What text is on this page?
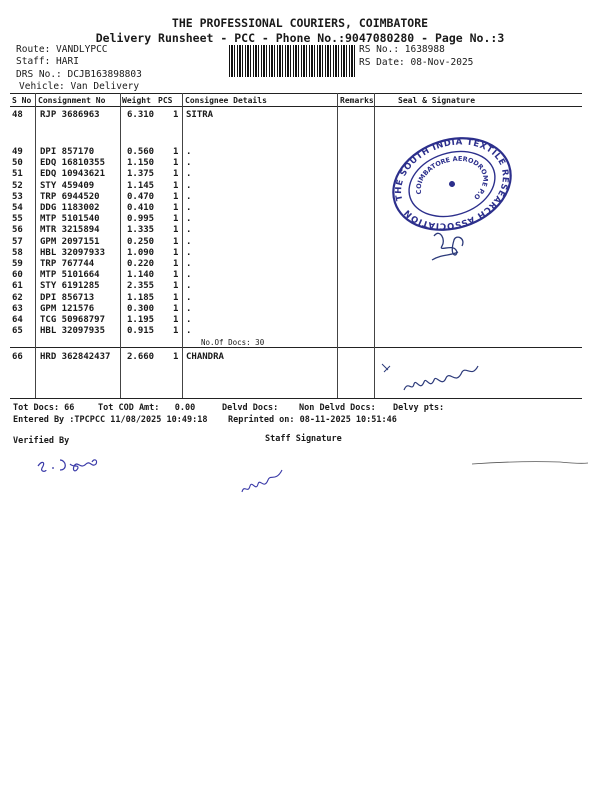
THE PROFESSIONAL COURIERS, COIMBATORE
Delivery Runsheet - PCC - Phone No.:9047080280 - Page No.:3
Route: VANDLYPCC
Staff: HARI
DRS No.: DCJB163898803
Vehicle: Van Delivery
RS No.: 1638988
RS Date: 08-Nov-2025
S No Consignment No Weight PCS Consignee Details	Remarks	Seal & Signature
48 RJP 3686963	6.310 1 SITRA
49 DPI 857170	0.560 1 .
50 EDQ 16810355 1.150 1 .
51 EDQ 10943621 1.375 1 .
52 STY 459409	1.145 1 .
53 TRP 6944520	0.470 1 .
54 DDG 1183002	0.410 1 .
55 MTP 5101540	0.995 1 .
56 MTR 3215894	1.335 1 .
57 GPM 2097151	0.250 1 .
58 HBL 32097933 1.090 1 .
59 TRP 767744	0.220 1 .
60 MTP 5101664	1.140 1 .
61 STY 6191285	2.355 1 .
62 DPI 856713	1.185 1 .
63 GPM 121576	0.300 1 .
64 TCG 50968797 1.195 1 .
65 HBL 32097935 0.915 1 .
No.Of Docs: 30
66 HRD 362842437 2.660 1 CHANDRA
THE SOUTH INDIA TEXTILE RESEARCH ASSOCIATION
COIMBATORE AERODROME P.O
Tot Docs: 66	Tot COD Amt:   0.00	Delvd Docs: Non Delvd Docs: Delvy pts:
Entered By :TPCPCC 11/08/2025 10:49:18 Reprinted on: 08-11-2025 10:51:46
Verified By	Staff Signature
